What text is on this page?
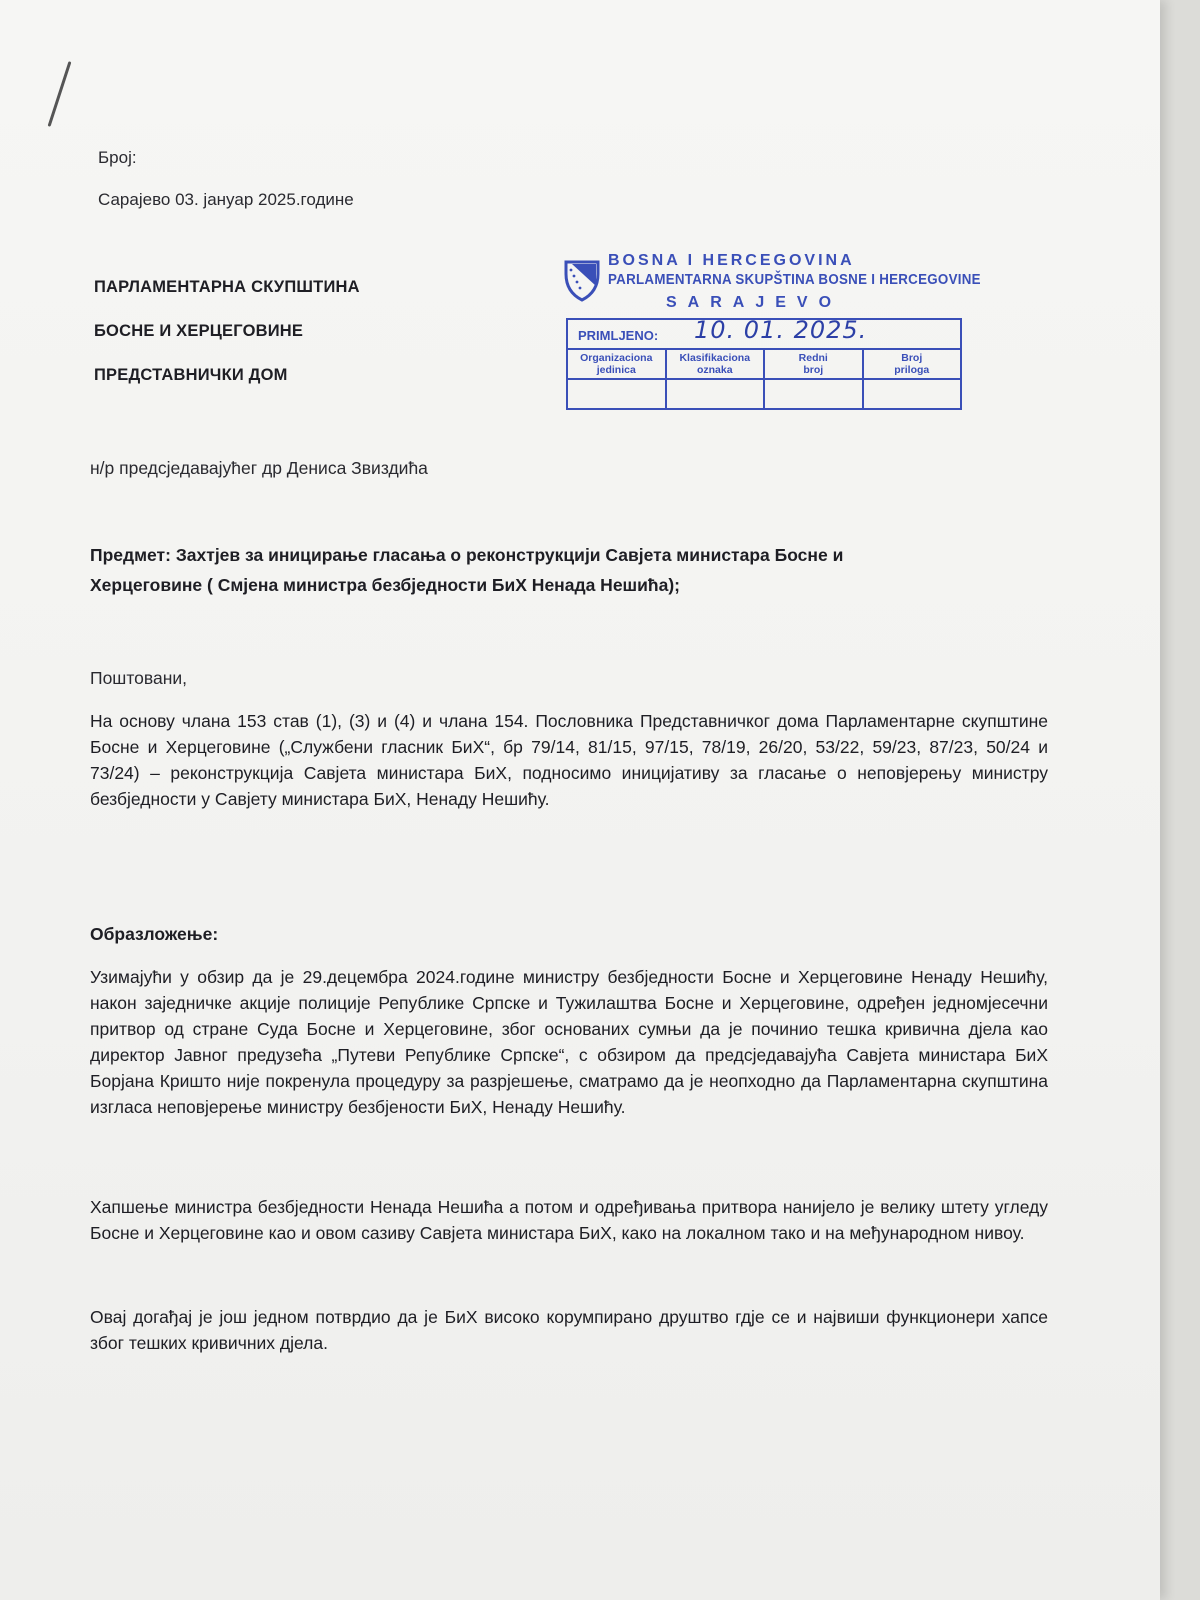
Број:
Сарајево 03. јануар 2025.године
ПАРЛАМЕНТАРНА СКУПШТИНА
БОСНЕ И ХЕРЦЕГОВИНЕ
ПРЕДСТАВНИЧКИ ДОМ
BOSNA I HERCEGOVINA
PARLAMENTARNA SKUPŠTINA BOSNE I HERCEGOVINE
SARAJEVO
PRIMLJENO: 10. 01. 2025.
Organizaciona
jedinica
Klasifikaciona
oznaka
Redni
broj
Broj
priloga
н/р предсједавајућег др Дениса Звиздића
Предмет: Захтјев за иницирање гласања о реконструкцији Савјета министара Босне и
Херцеговине ( Смјена министра безбједности БиХ Ненада Нешића);
Поштовани,
На основу члана 153 став (1), (3) и (4) и члана 154. Пословника Представничког дома Парламентарне скупштине Босне и Херцеговине („Службени гласник БиХ“, бр 79/14, 81/15, 97/15, 78/19, 26/20, 53/22, 59/23, 87/23, 50/24 и 73/24) – реконструкција Савјета министара БиХ, подносимо иницијативу за гласање о неповјерењу министру безбједности у Савјету министара БиХ, Ненаду Нешићу.
Образложење:
Узимајући у обзир да је 29.децембра 2024.године министру безбједности Босне и Херцеговине Ненаду Нешићу, након заједничке акције полиције Републике Српске и Тужилаштва Босне и Херцеговине, одређен једномјесечни притвор од стране Суда Босне и Херцеговине, због основаних сумњи да је починио тешка кривична дјела као директор Јавног предузећа „Путеви Републике Српске“, с обзиром да предсједавајућа Савјета министара БиХ Борјана Кришто није покренула процедуру за разрјешење, сматрамо да је неопходно да Парламентарна скупштина изгласа неповјерење министру безбјености БиХ, Ненаду Нешићу.
Хапшење министра безбједности Ненада Нешића а потом и одређивања притвора нанијело је велику штету угледу Босне и Херцеговине као и овом сазиву Савјета министара БиХ, како на локалном тако и на међународном нивоу.
Овај догађај је још једном потврдио да је БиХ високо корумпирано друштво гдје се и највиши функционери хапсе због тешких кривичних дјела.
